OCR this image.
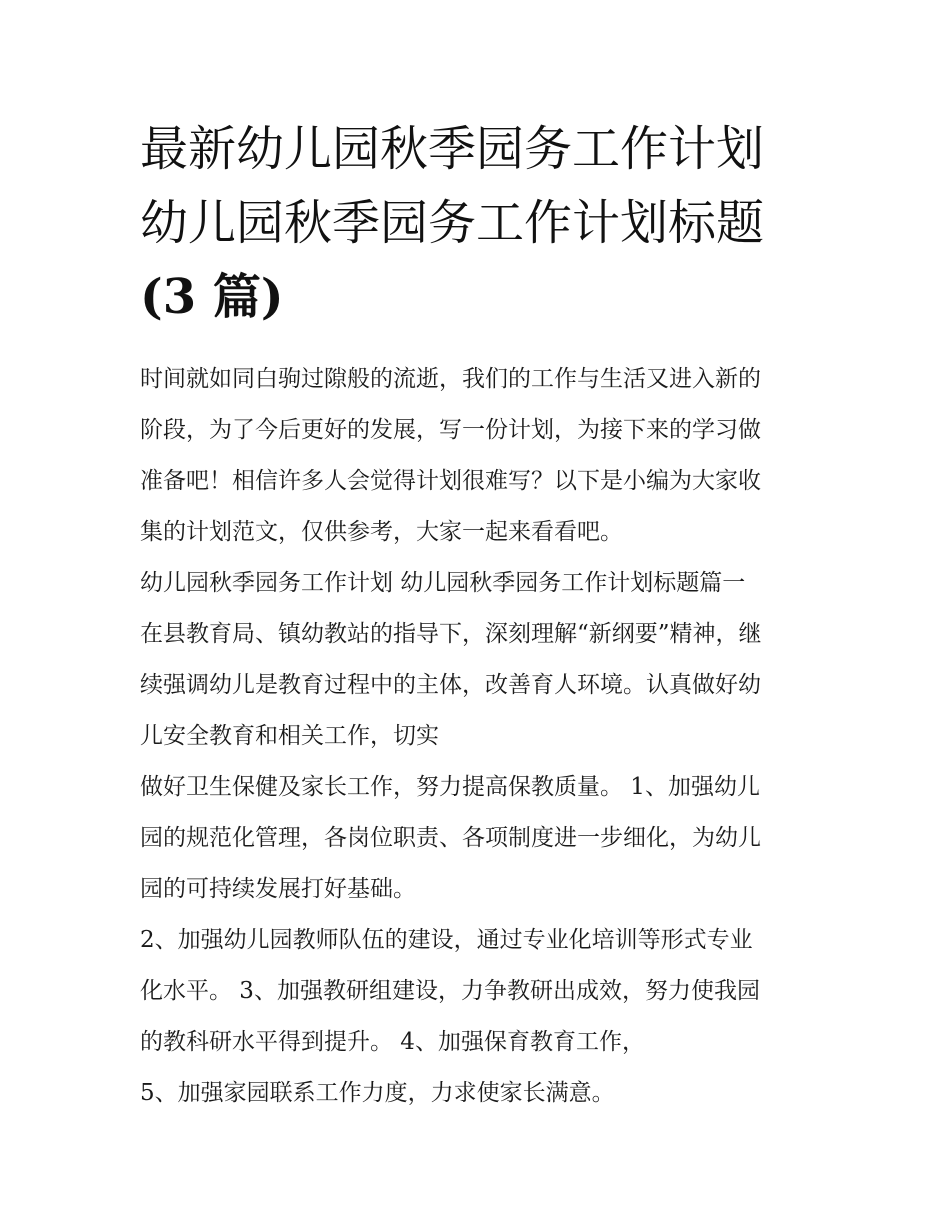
最新幼儿园秋季园务工作计划
幼儿园秋季园务工作计划标题
(3 篇)
时间就如同白驹过隙般的流逝，我们的工作与生活又进入新的
阶段，为了今后更好的发展，写一份计划，为接下来的学习做
准备吧！相信许多人会觉得计划很难写？以下是小编为大家收
集的计划范文，仅供参考，大家一起来看看吧。
幼儿园秋季园务工作计划 幼儿园秋季园务工作计划标题篇一
在县教育局、镇幼教站的指导下，深刻理解“新纲要”精神，继
续强调幼儿是教育过程中的主体，改善育人环境。认真做好幼
儿安全教育和相关工作，切实
做好卫生保健及家长工作，努力提高保教质量。 1、加强幼儿
园的规范化管理，各岗位职责、各项制度进一步细化，为幼儿
园的可持续发展打好基础。
2、加强幼儿园教师队伍的建设，通过专业化培训等形式专业
化水平。 3、加强教研组建设，力争教研出成效，努力使我园
的教科研水平得到提升。 4、加强保育教育工作，
5、加强家园联系工作力度，力求使家长满意。
